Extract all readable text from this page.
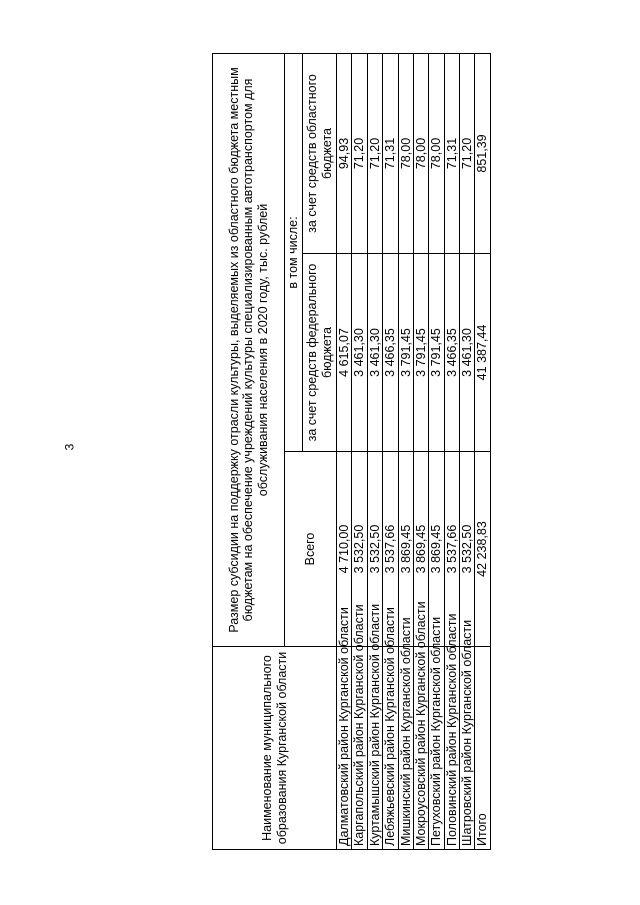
3
Наименование муниципального образования Курганской области	Размер субсидии на поддержку отрасли культуры, выделяемых из областного бюджета местным бюджетам на обеспечение учреждений культуры специализированным автотранспортом для обслуживания населения в 2020 году, тыс. рублей		
	Всего	в том числе:	
		за счет средств федерального бюджета	за счет средств областного бюджета
Далматовский район Курганской области	4 710,00	4 615,07	94,93
Каргапольский район Курганской области	3 532,50	3 461,30	71,20
Куртамышский район Курганской области	3 532,50	3 461,30	71,20
Лебяжьевский район Курганской области	3 537,66	3 466,35	71,31
Мишкинский район Курганской области	3 869,45	3 791,45	78,00
Мокроусовский район Курганской области	3 869,45	3 791,45	78,00
Петуховский район Курганской области	3 869,45	3 791,45	78,00
Половинский район Курганской области	3 537,66	3 466,35	71,31
Шатровский район Курганской области	3 532,50	3 461,30	71,20
Итого	42 238,83	41 387,44	851,39
